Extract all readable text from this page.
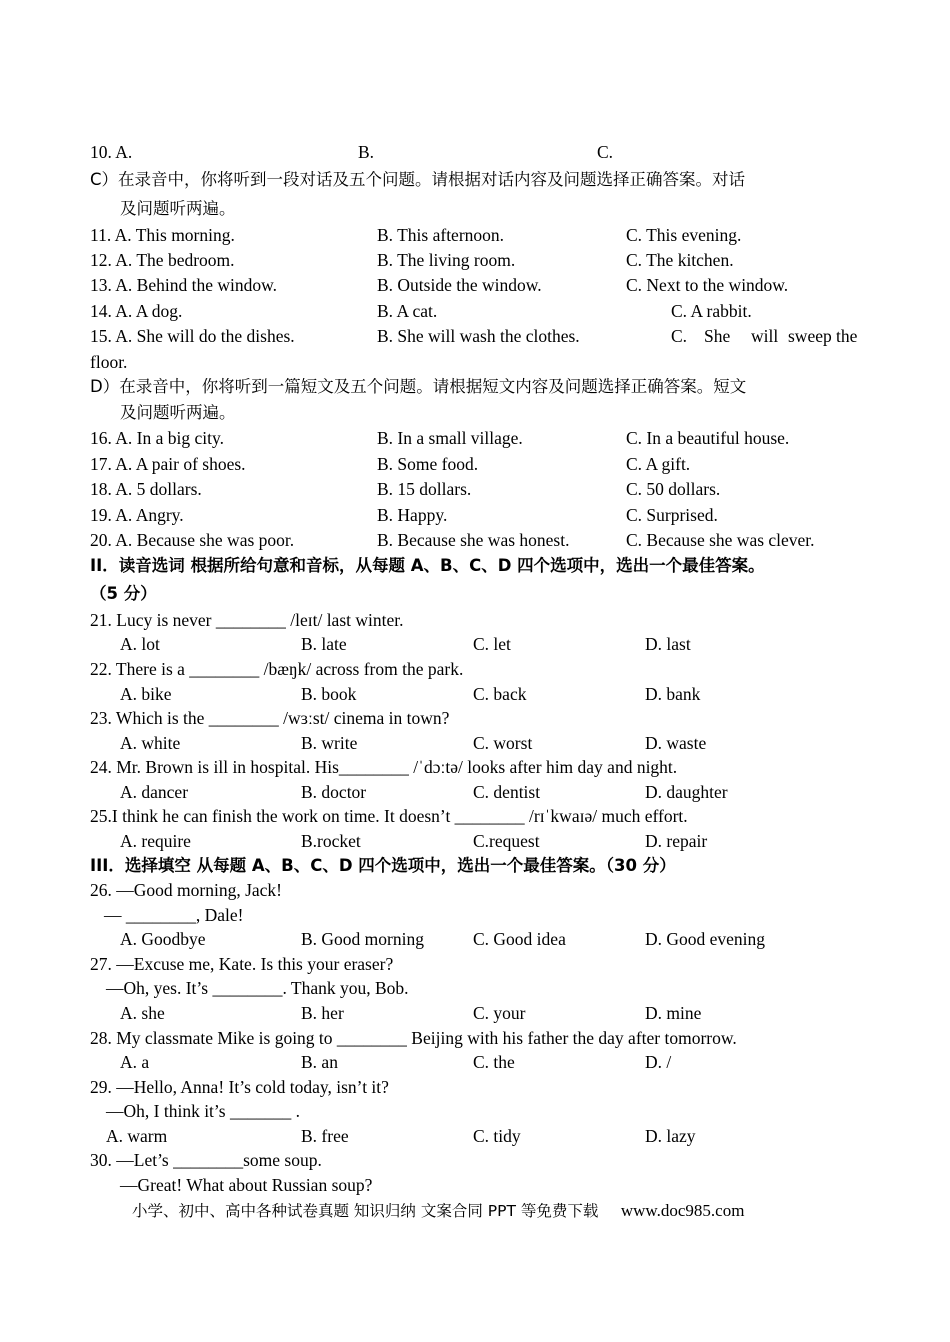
10. A.	B.	C.
C）在录音中，你将听到一段对话及五个问题。请根据对话内容及问题选择正确答案。对话
及问题听两遍。
11. A. This morning.	B. This afternoon.	C. This evening.
12. A. The bedroom.	B. The living room.	C. The kitchen.
13. A. Behind the window.	B. Outside the window.	C. Next to the window.
14. A. A dog.	B. A cat.	C. A rabbit.
15. A. She will do the dishes.	B. She will wash the clothes.	C. She will sweep the
floor.
D）在录音中，你将听到一篇短文及五个问题。请根据短文内容及问题选择正确答案。短文
及问题听两遍。
16. A. In a big city.	B. In a small village.	C. In a beautiful house.
17. A. A pair of shoes.	B. Some food.	C. A gift.
18. A. 5 dollars.	B. 15 dollars.	C. 50 dollars.
19. A. Angry.	B. Happy.	C. Surprised.
20. A. Because she was poor.	B. Because she was honest.	C. Because she was clever.
II．读音选词 根据所给句意和音标，从每题 A、B、C、D 四个选项中，选出一个最佳答案。
（5 分）
21. Lucy is never ________ /leɪt/ last winter.
A. lot	B. late	C. let	D. last
22. There is a ________ /bæŋk/ across from the park.
A. bike	B. book	C. back	D. bank
23. Which is the ________ /wɜːst/ cinema in town?
A. white	B. write	C. worst	D. waste
24. Mr. Brown is ill in hospital. His________ /ˈdɔːtə/ looks after him day and night.
A. dancer	B. doctor	C. dentist	D. daughter
25.I think he can finish the work on time. It doesn’t ________ /rɪˈkwaɪə/ much effort.
A. require	B.rocket	C.request	D. repair
III．选择填空 从每题 A、B、C、D 四个选项中，选出一个最佳答案。（30 分）
26. —Good morning, Jack!
— ________, Dale!
A. Goodbye	B. Good morning	C. Good idea	D. Good evening
27. —Excuse me, Kate. Is this your eraser?
—Oh, yes. It’s ________. Thank you, Bob.
A. she	B. her	C. your	D. mine
28. My classmate Mike is going to ________ Beijing with his father the day after tomorrow.
A. a	B. an	C. the	D. /
29. —Hello, Anna! It’s cold today, isn’t it?
—Oh, I think it’s _______ .
A. warm	B. free	C. tidy	D. lazy
30. —Let’s ________some soup.
—Great! What about Russian soup?
小学、初中、高中各种试卷真题 知识归纳 文案合同 PPT 等免费下载 www.doc985.com
